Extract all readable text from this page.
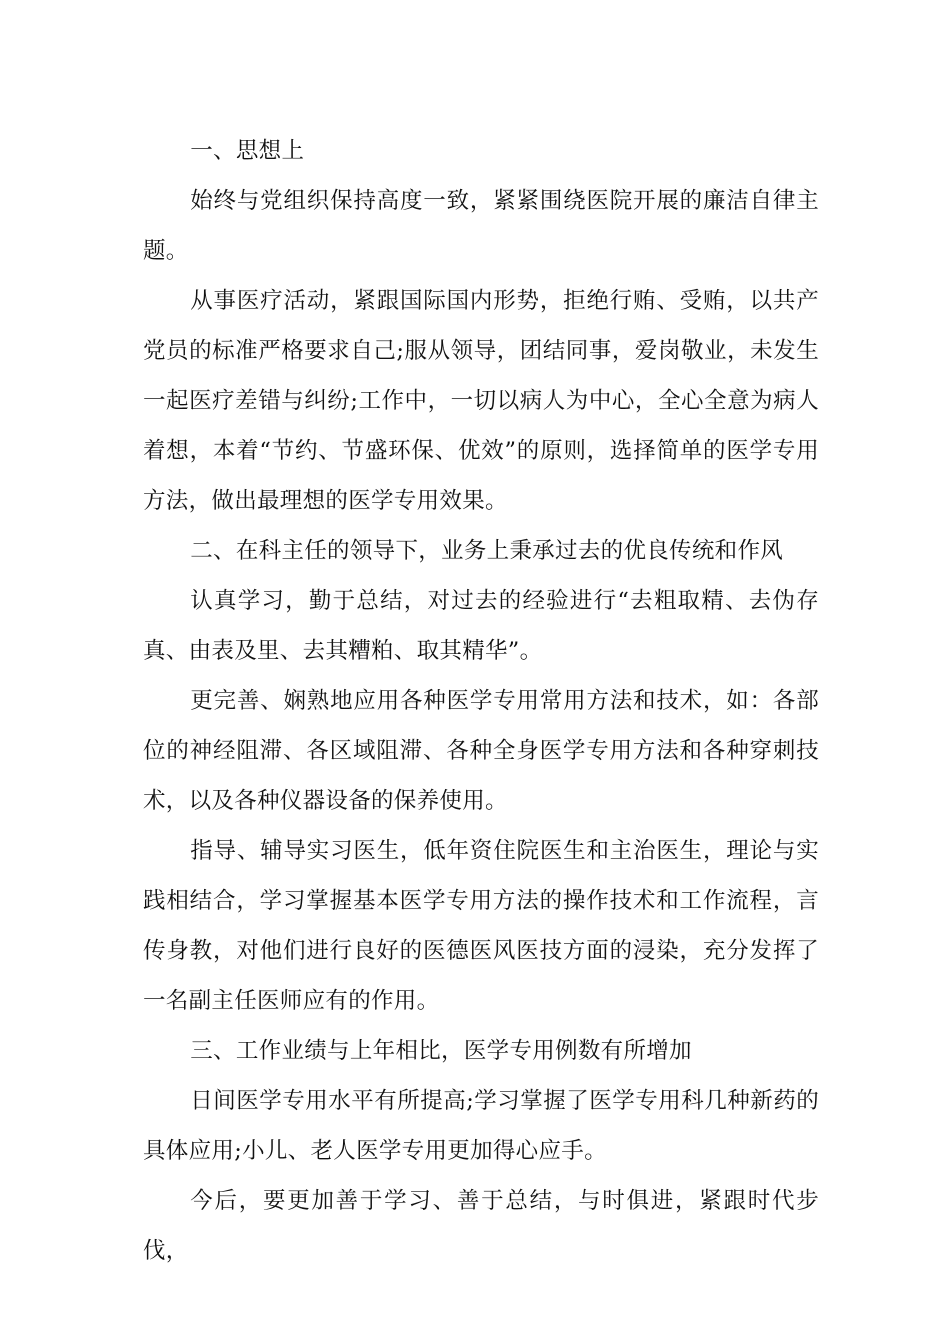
一、思想上

始终与党组织保持高度一致，紧紧围绕医院开展的廉洁自律主题。

从事医疗活动，紧跟国际国内形势，拒绝行贿、受贿，以共产党员的标准严格要求自己;服从领导，团结同事，爱岗敬业，未发生一起医疗差错与纠纷;工作中，一切以病人为中心，全心全意为病人着想，本着“节约、节盛环保、优效”的原则，选择简单的医学专用方法，做出最理想的医学专用效果。

二、在科主任的领导下，业务上秉承过去的优良传统和作风

认真学习，勤于总结，对过去的经验进行“去粗取精、去伪存真、由表及里、去其糟粕、取其精华”。

更完善、娴熟地应用各种医学专用常用方法和技术，如：各部位的神经阻滞、各区域阻滞、各种全身医学专用方法和各种穿刺技术，以及各种仪器设备的保养使用。

指导、辅导实习医生，低年资住院医生和主治医生，理论与实践相结合，学习掌握基本医学专用方法的操作技术和工作流程，言传身教，对他们进行良好的医德医风医技方面的浸染，充分发挥了一名副主任医师应有的作用。

三、工作业绩与上年相比，医学专用例数有所增加

日间医学专用水平有所提高;学习掌握了医学专用科几种新药的具体应用;小儿、老人医学专用更加得心应手。

今后，要更加善于学习、善于总结，与时俱进，紧跟时代步伐，
